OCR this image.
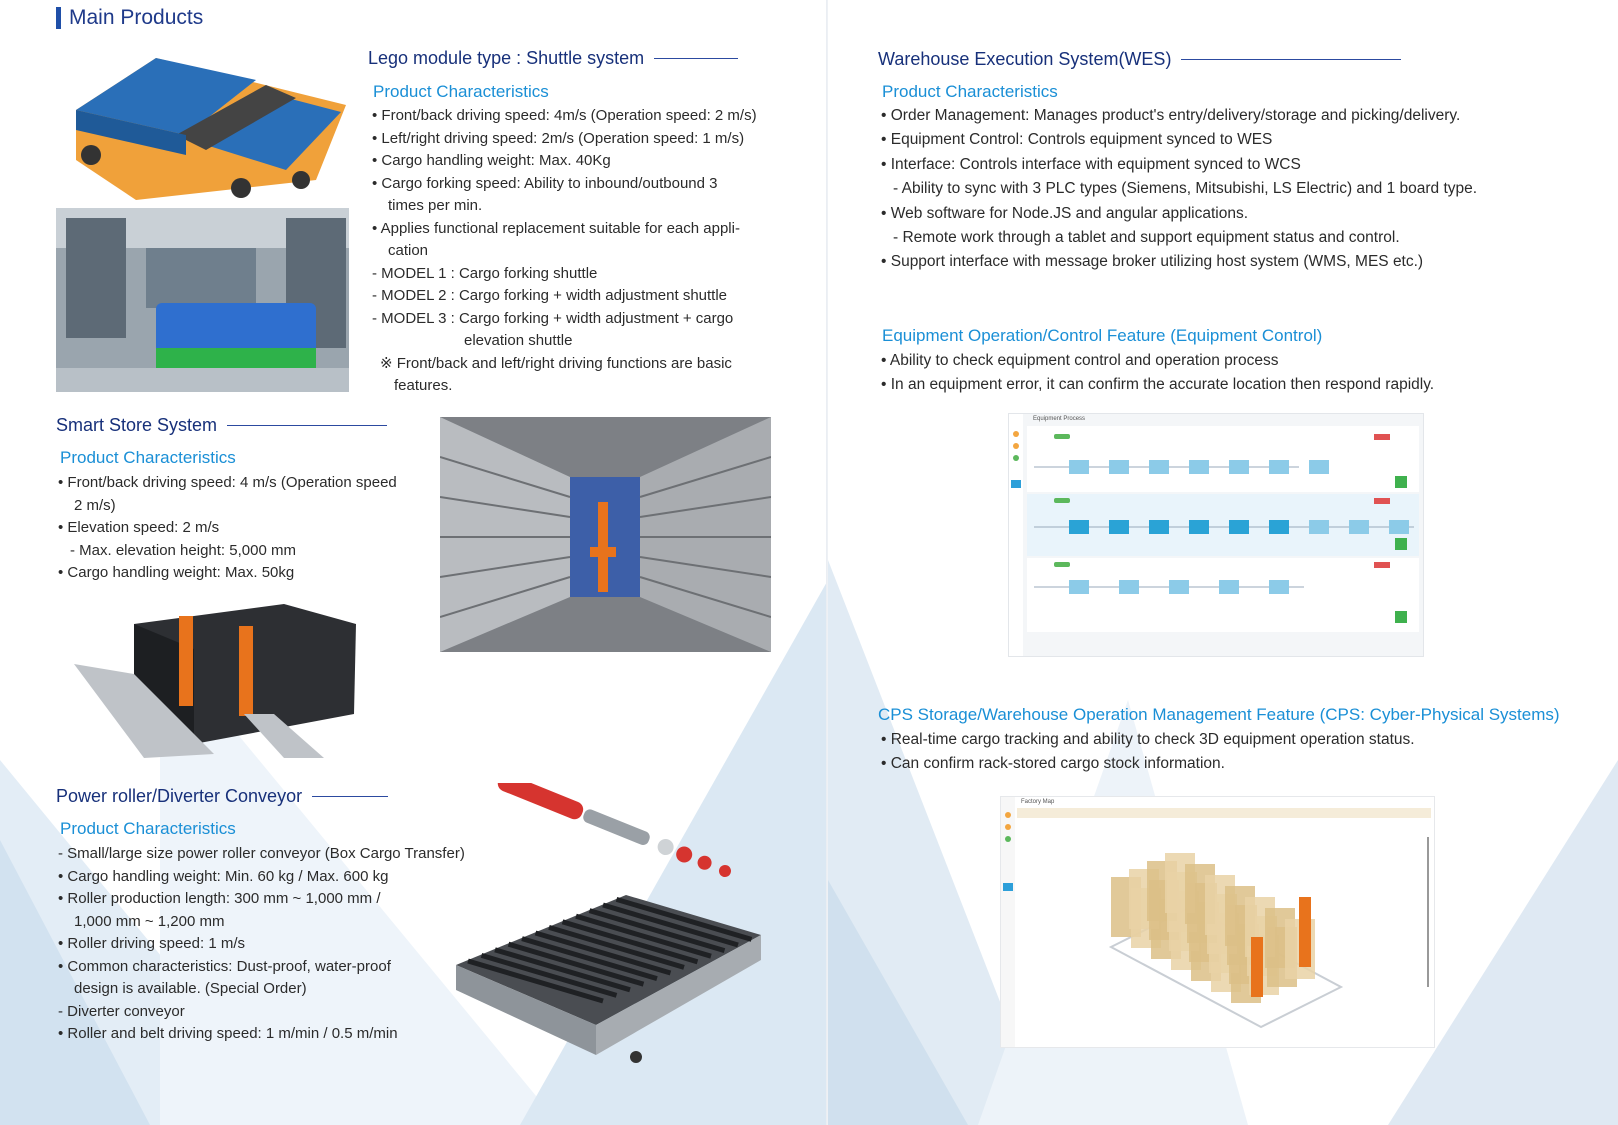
Main Products
Lego module type : Shuttle system
Product Characteristics
• Front/back driving speed: 4m/s (Operation speed: 2 m/s)
• Left/right driving speed: 2m/s (Operation speed: 1 m/s)
• Cargo handling weight: Max. 40Kg
• Cargo forking speed: Ability to inbound/outbound 3
times per min.
• Applies functional replacement suitable for each appli-
cation
- MODEL 1 : Cargo forking shuttle
- MODEL 2 : Cargo forking + width adjustment shuttle
- MODEL 3 : Cargo forking + width adjustment + cargo
elevation shuttle
※ Front/back and left/right driving functions are basic
features.
Smart Store System
Product Characteristics
• Front/back driving speed: 4 m/s (Operation speed
2 m/s)
• Elevation speed: 2 m/s
- Max. elevation height: 5,000 mm
• Cargo handling weight: Max. 50kg
Power roller/Diverter Conveyor
Product Characteristics
- Small/large size power roller conveyor (Box Cargo Transfer)
• Cargo handling weight: Min. 60 kg / Max. 600 kg
• Roller production length: 300 mm ~ 1,000 mm /
1,000 mm ~ 1,200 mm
• Roller driving speed: 1 m/s
• Common characteristics: Dust-proof, water-proof
design is available. (Special Order)
- Diverter conveyor
• Roller and belt driving speed: 1 m/min / 0.5 m/min
Warehouse Execution System(WES)
Product Characteristics
• Order Management: Manages product's entry/delivery/storage and picking/delivery.
• Equipment Control: Controls equipment synced to WES
• Interface: Controls interface with equipment synced to WCS
- Ability to sync with 3 PLC types (Siemens, Mitsubishi, LS Electric) and 1 board type.
• Web software for Node.JS and angular applications.
- Remote work through a tablet and support equipment status and control.
• Support interface with message broker utilizing host system (WMS, MES etc.)
Equipment Operation/Control Feature (Equipment Control)
• Ability to check equipment control and operation process
• In an equipment error, it can confirm the accurate location then respond rapidly.
Equipment Process
CPS Storage/Warehouse Operation Management Feature (CPS: Cyber-Physical Systems)
• Real-time cargo tracking and ability to check 3D equipment operation status.
• Can confirm rack-stored cargo stock information.
Factory Map
